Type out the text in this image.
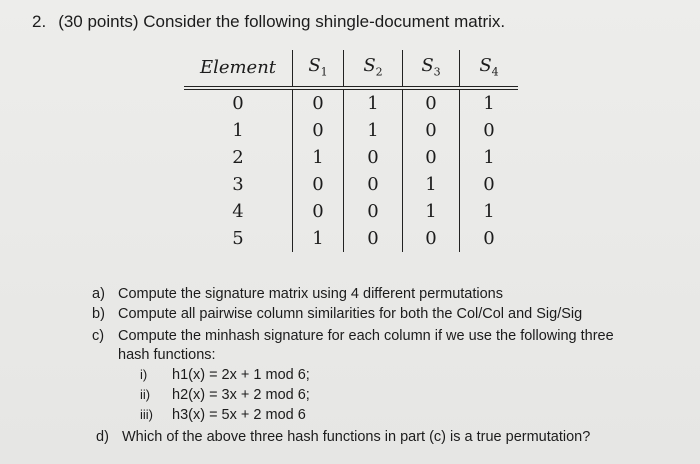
2. (30 points) Consider the following shingle-document matrix.
Element	$S_1$	$S_2$	$S_3$	$S_4$
0	0	1	0	1
1	0	1	0	0
2	1	0	0	1
3	0	0	1	0
4	0	0	1	1
5	1	0	0	0
a) Compute the signature matrix using 4 different permutations
b) Compute all pairwise column similarities for both the Col/Col and Sig/Sig
c) Compute the minhash signature for each column if we use the following three
hash functions:
i) h1(x) = 2x + 1 mod 6;
ii) h2(x) = 3x + 2 mod 6;
iii) h3(x) = 5x + 2 mod 6
d) Which of the above three hash functions in part (c) is a true permutation?
